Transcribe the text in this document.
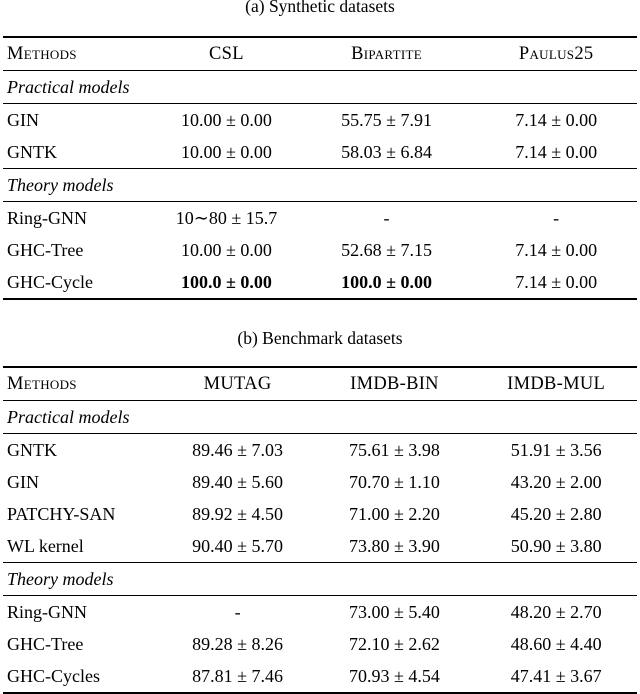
(a) Synthetic datasets
Methods	CSL	Bipartite	Paulus25
Practical models			
GIN	10.00 ± 0.00	55.75 ± 7.91	7.14 ± 0.00
GNTK	10.00 ± 0.00	58.03 ± 6.84	7.14 ± 0.00
Theory models			
Ring-GNN	10∼80 ± 15.7	-	-
GHC-Tree	10.00 ± 0.00	52.68 ± 7.15	7.14 ± 0.00
GHC-Cycle	100.0 ± 0.00	100.0 ± 0.00	7.14 ± 0.00
(b) Benchmark datasets
Methods	MUTAG	IMDB-BIN	IMDB-MUL
Practical models			
GNTK	89.46 ± 7.03	75.61 ± 3.98	51.91 ± 3.56
GIN	89.40 ± 5.60	70.70 ± 1.10	43.20 ± 2.00
PATCHY-SAN	89.92 ± 4.50	71.00 ± 2.20	45.20 ± 2.80
WL kernel	90.40 ± 5.70	73.80 ± 3.90	50.90 ± 3.80
Theory models			
Ring-GNN	-	73.00 ± 5.40	48.20 ± 2.70
GHC-Tree	89.28 ± 8.26	72.10 ± 2.62	48.60 ± 4.40
GHC-Cycles	87.81 ± 7.46	70.93 ± 4.54	47.41 ± 3.67
